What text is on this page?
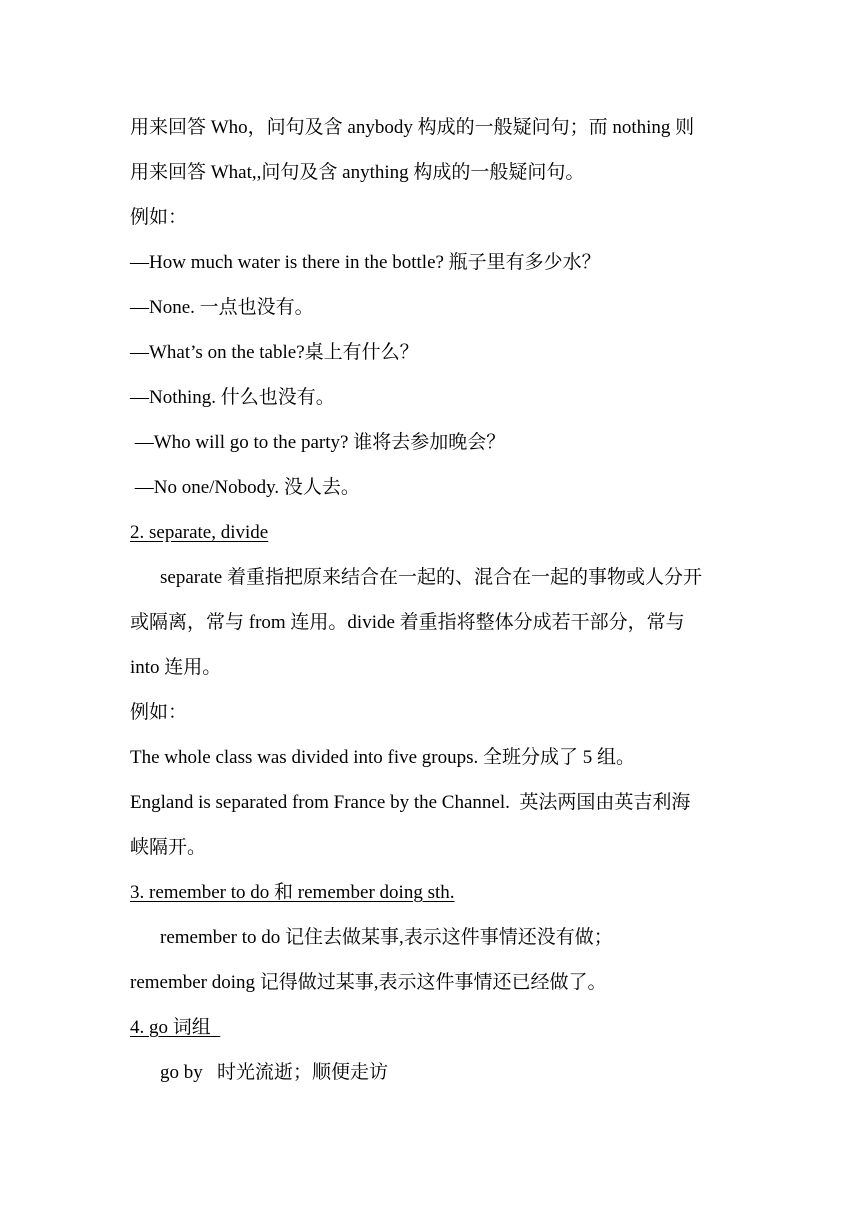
用来回答 Who，问句及含 anybody 构成的一般疑问句；而 nothing 则
用来回答 What,,问句及含 anything 构成的一般疑问句。
例如：
—How much water is there in the bottle? 瓶子里有多少水？
—None. 一点也没有。
—What’s on the table?桌上有什么？
—Nothing. 什么也没有。
—Who will go to the party? 谁将去参加晚会？
—No one/Nobody. 没人去。
2. separate, divide
separate 着重指把原来结合在一起的、混合在一起的事物或人分开
或隔离，常与 from 连用。divide 着重指将整体分成若干部分，常与
into 连用。
例如：
The whole class was divided into five groups. 全班分成了 5 组。
England is separated from France by the Channel.  英法两国由英吉利海
峡隔开。
3. remember to do 和 remember doing sth.
remember to do 记住去做某事,表示这件事情还没有做；
remember doing 记得做过某事,表示这件事情还已经做了。
4. go 词组
go by   时光流逝；顺便走访
